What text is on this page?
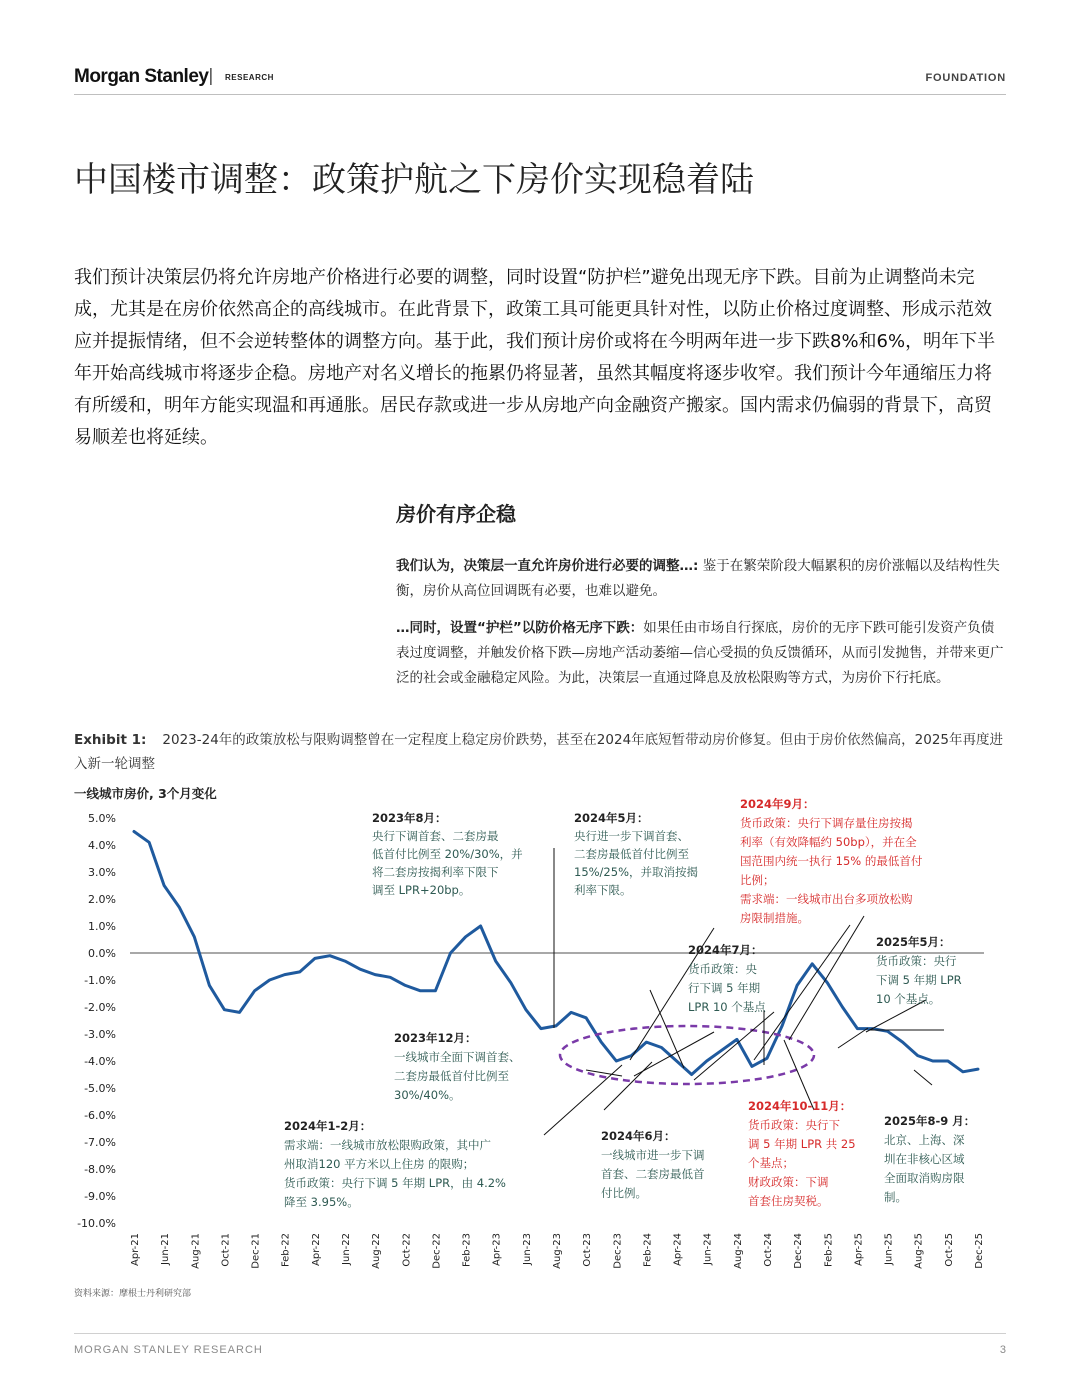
Morgan Stanley | RESEARCH	FOUNDATION
中国楼市调整：政策护航之下房价实现稳着陆

我们预计决策层仍将允许房地产价格进行必要的调整，同时设置“防护栏”避免出现无序下跌。目前为止调整尚未完成，尤其是在房价依然高企的高线城市。在此背景下，政策工具可能更具针对性，以防止价格过度调整、形成示范效应并提振情绪，但不会逆转整体的调整方向。基于此，我们预计房价或将在今明两年进一步下跌8%和6%，明年下半年开始高线城市将逐步企稳。房地产对名义增长的拖累仍将显著，虽然其幅度将逐步收窄。我们预计今年通缩压力将有所缓和，明年方能实现温和再通胀。居民存款或进一步从房地产向金融资产搬家。国内需求仍偏弱的背景下，高贸易顺差也将延续。

房价有序企稳

我们认为，决策层一直允许房价进行必要的调整…: 鉴于在繁荣阶段大幅累积的房价涨幅以及结构性失衡，房价从高位回调既有必要，也难以避免。

…同时，设置“护栏”以防价格无序下跌：如果任由市场自行探底，房价的无序下跌可能引发资产负债表过度调整，并触发价格下跌—房地产活动萎缩—信心受损的负反馈循环，从而引发抛售，并带来更广泛的社会或金融稳定风险。为此，决策层一直通过降息及放松限购等方式，为房价下行托底。

Exhibit 1: 2023-24年的政策放松与限购调整曾在一定程度上稳定房价跌势，甚至在2024年底短暂带动房价修复。但由于房价依然偏高，2025年再度进入新一轮调整

5.0%
4.0%
3.0%
2.0%
1.0%
0.0%
-1.0%
-2.0%
-3.0%
-4.0%
-5.0%
-6.0%
-7.0%
-8.0%
-9.0%
-10.0%
Apr-21 Jun-21 Aug-21 Oct-21 Dec-21 Feb-22 Apr-22 Jun-22 Aug-22 Oct-22 Dec-22 Feb-23 Apr-23 Jun-23 Aug-23 Oct-23 Dec-23 Feb-24 Apr-24 Jun-24 Aug-24 Oct-24 Dec-24 Feb-25 Apr-25 Jun-25 Aug-25 Oct-25 Dec-25
2023年8月：
央行下调首套、二套房最
低首付比例至 20%/30%，并
将二套房按揭利率下限下
调至 LPR+20bp。
2024年5月：
央行进一步下调首套、
二套房最低首付比例至
15%/25%，并取消按揭
利率下限。
2024年9月：
货币政策：央行下调存量住房按揭
利率（有效降幅约 50bp），并在全
国范围内统一执行 15% 的最低首付
比例；
需求端：一线城市出台多项放松购
房限制措施。
2024年7月：
货币政策：央
行下调 5 年期
LPR 10 个基点
2025年5月：
货币政策：央行
下调 5 年期 LPR
10 个基点。
2023年12月：
一线城市全面下调首套、
二套房最低首付比例至
30%/40%。
2024年10-11月：
货币政策：央行下
调 5 年期 LPR 共 25
个基点；
财政政策：下调
首套住房契税。
2024年1-2月：
需求端：一线城市放松限购政策，其中广
州取消120 平方米以上住房 的限购；
货币政策：央行下调 5 年期 LPR，由 4.2%
降至 3.95%。
2024年6月：
一线城市进一步下调
首套、二套房最低首
付比例。
2025年8-9 月：
北京、上海、深
圳在非核心区域
全面取消购房限
制。
一线城市房价, 3个月变化
资料来源：摩根士丹利研究部
MORGAN STANLEY RESEARCH	3
